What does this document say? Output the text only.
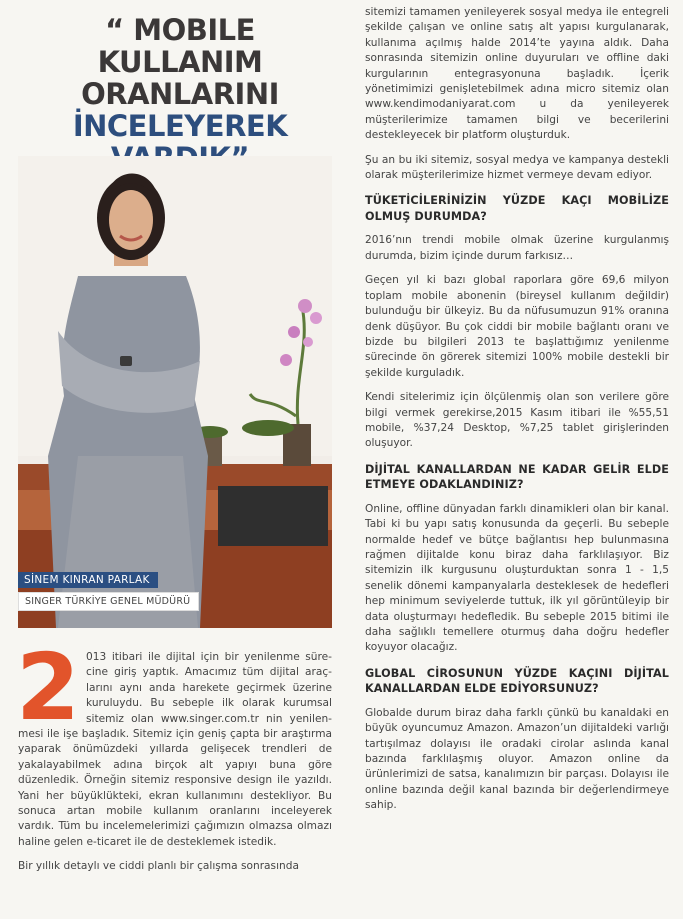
“ MOBILE KULLANIM
ORANLARINI
İNCELEYEREK
SİNEM KINRAN PARLAK
SINGER TÜRKİYE GENEL MÜDÜRÜ

2 013 itibari ile dijital için bir yenilenme sürecine giriş yaptık. Amacımız tüm dijital araçlarını aynı anda harekete geçirmek üzerine kuruluydu. Bu sebeple ilk olarak kurumsal sitemiz olan www.singer.com.tr nin yenilenmesi ile işe başladık. Sitemiz için geniş çapta bir araştırma yaparak önümüzdeki yıllarda gelişecek trendleri de yakalayabilmek adına birçok alt yapıyı buna göre düzenledik. Örneğin sitemiz responsive design ile yazıldı. Yani her büyüklükteki, ekran kullanımını destekliyor. Bu sonuca artan mobile kullanım oranlarını inceleyerek vardık. Tüm bu incelemelerimizi çağımızın olmazsa olmazı haline gelen e-ticaret ile de desteklemek istedik.

Bir yıllık detaylı ve ciddi planlı bir çalışma sonrasında

sitemizi tamamen yenileyerek sosyal medya ile entegreli şekilde çalışan ve online satış alt yapısı kurgulanarak, kullanıma açılmış halde 2014’te yayına aldık. Daha sonrasında sitemizin online duyuruları ve offline daki kurgularının entegrasyonuna başladık. İçerik yönetimimizi genişletebilmek adına micro sitemiz olan www.kendimodaniyarat.com u da yenileyerek müşterilerimize tamamen bilgi ve becerilerini destekleyecek bir platform oluşturduk.

Şu an bu iki sitemiz, sosyal medya ve kampanya destekli olarak müşterilerimize hizmet vermeye devam ediyor.

TÜKETİCİLERİNİZİN YÜZDE KAÇI MOBİLİZE OLMUŞ DURUMDA?

2016’nın trendi mobile olmak üzerine kurgulanmış durumda, bizim içinde durum farkısız…

Geçen yıl ki bazı global raporlara göre 69,6 milyon toplam mobile abonenin (bireysel kullanım değildir) bulunduğu bir ülkeyiz. Bu da nüfusumuzun 91% oranına denk düşüyor. Bu çok ciddi bir mobile bağlantı oranı ve bizde bu bilgileri 2013 te başlattığımız yenilenme sürecinde ön görerek sitemizi 100% mobile destekli bir şekilde kurguladık.

Kendi sitelerimiz için ölçülenmiş olan son verilere göre bilgi vermek gerekirse,2015 Kasım itibari ile %55,51 mobile, %37,24 Desktop, %7,25 tablet girişlerinden oluşuyor.

DİJİTAL KANALLARDAN NE KADAR GELİR ELDE ETMEYE ODAKLANDINIZ?

Online, offline dünyadan farklı dinamikleri olan bir kanal. Tabi ki bu yapı satış konusunda da geçerli. Bu sebeple normalde hedef ve bütçe bağlantısı hep bulunmasına rağmen dijitalde konu biraz daha farklılaşıyor. Biz sitemizin ilk kurgusunu oluşturduktan sonra 1 - 1,5 senelik dönemi kampanyalarla desteklesek de hedefleri hep minimum seviyelerde tuttuk, ilk yıl görüntüleyip bir data oluşturmayı hedefledik. Bu sebeple 2015 bitimi ile daha sağlıklı temellere oturmuş daha doğru hedefler koyuyor olacağız.

GLOBAL CİROSUNUN YÜZDE KAÇINI DİJİTAL KANALLARDAN ELDE EDİYORSUNUZ?

Globalde durum biraz daha farklı çünkü bu kanaldaki en büyük oyuncumuz Amazon. Amazon’un dijitaldeki varlığı tartışılmaz dolayısı ile oradaki cirolar aslında kanal bazında farklılaşmış oluyor. Amazon online da ürünlerimizi de satsa, kanalımızın bir parçası. Dolayısı ile online bazında değil kanal bazında bir değerlendirmeye sahip.
